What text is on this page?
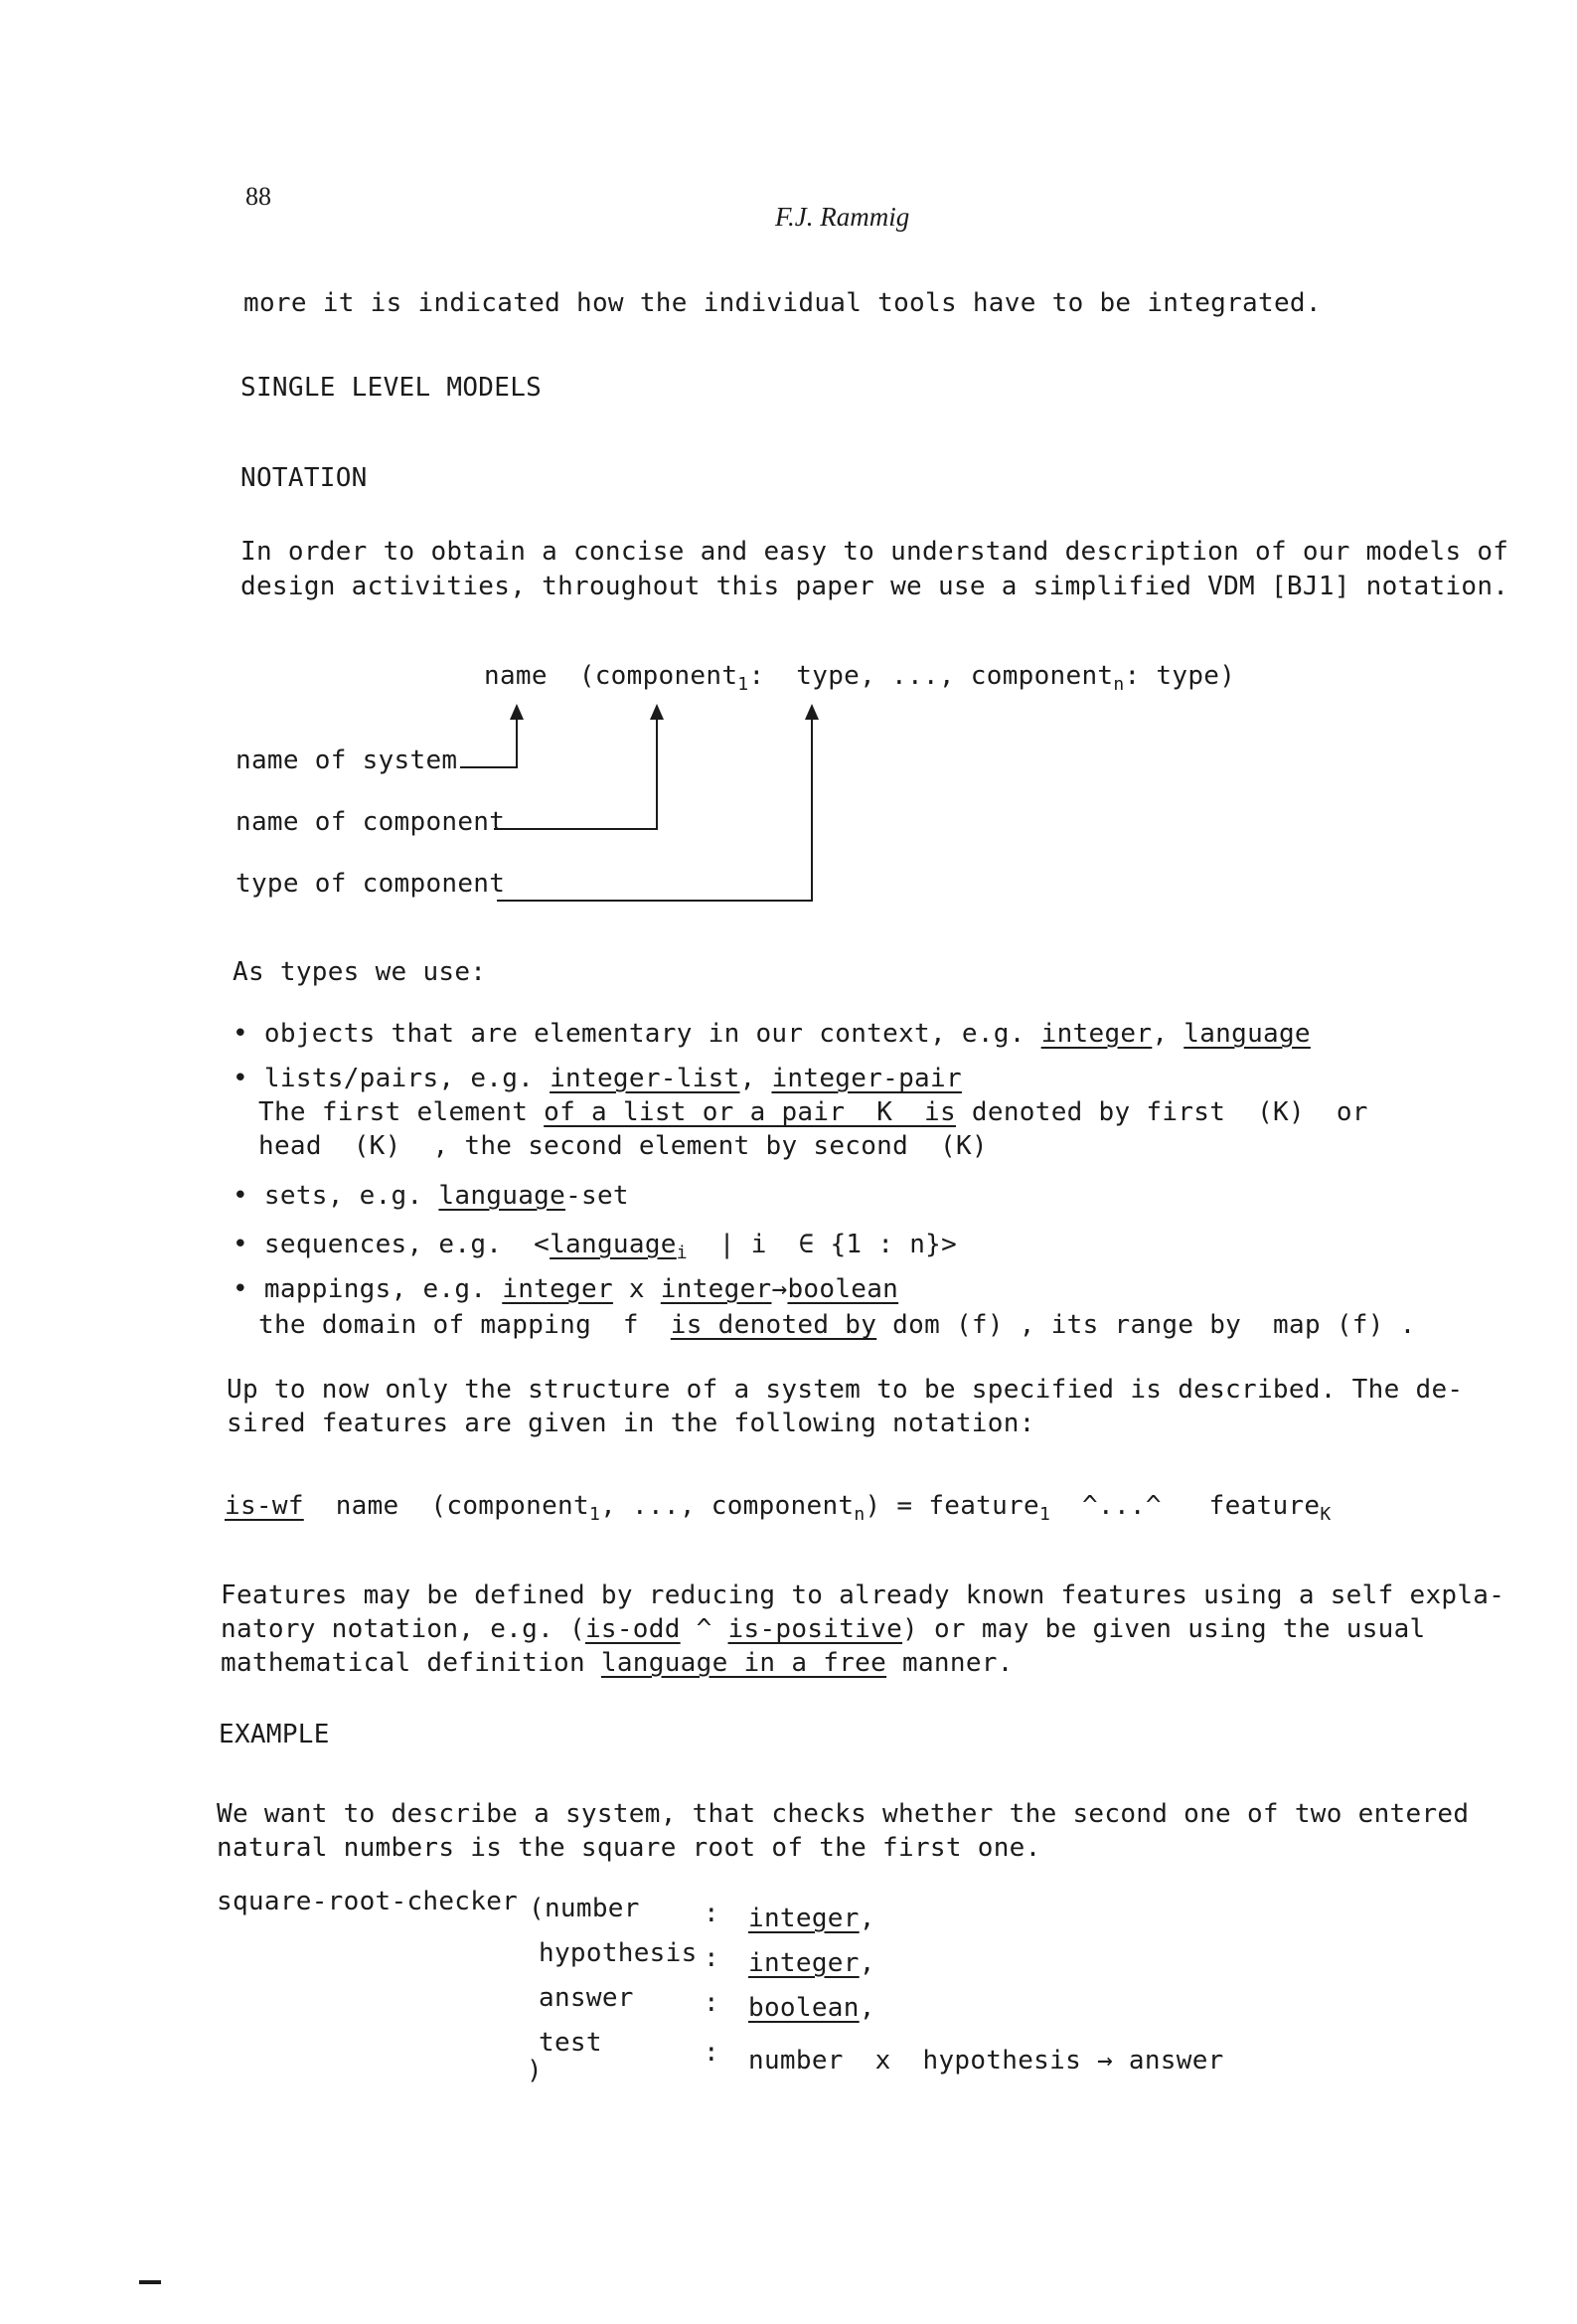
88
F.J. Rammig
more it is indicated how the individual tools have to be integrated.
SINGLE LEVEL MODELS
NOTATION
In order to obtain a concise and easy to understand description of our models of
design activities, throughout this paper we use a simplified VDM [BJ1] notation.
name (component$_1$:  type, ..., component$_n$: type)
name of system
name of component
type of component
As types we use:
• objects that are elementary in our context, e.g. integer, language
• lists/pairs, e.g. integer-list, integer-pair
The first element of a list or a pair  K  is denoted by first  (K)  or
head  (K)  , the second element by second  (K)
• sets, e.g. language-set
• sequences, e.g.  <language$_i$  | i  ∈ {1 : n}>
• mappings, e.g. integer x integer→boolean
the domain of mapping  f  is denoted by dom (f) , its range by  map (f) .
Up to now only the structure of a system to be specified is described. The de-
sired features are given in the following notation:
is-wf  name  (component$_1$, ..., component$_n$) = feature$_1$  ^...^   feature$_K$
Features may be defined by reducing to already known features using a self expla-
natory notation, e.g. (is-odd ^ is-positive) or may be given using the usual
mathematical definition language in a free manner.
EXAMPLE
We want to describe a system, that checks whether the second one of two entered
natural numbers is the square root of the first one.
square-root-checker (number : integer,
hypothesis : integer,
answer	: boolean,
test	: number  x  hypothesis → answer
)
